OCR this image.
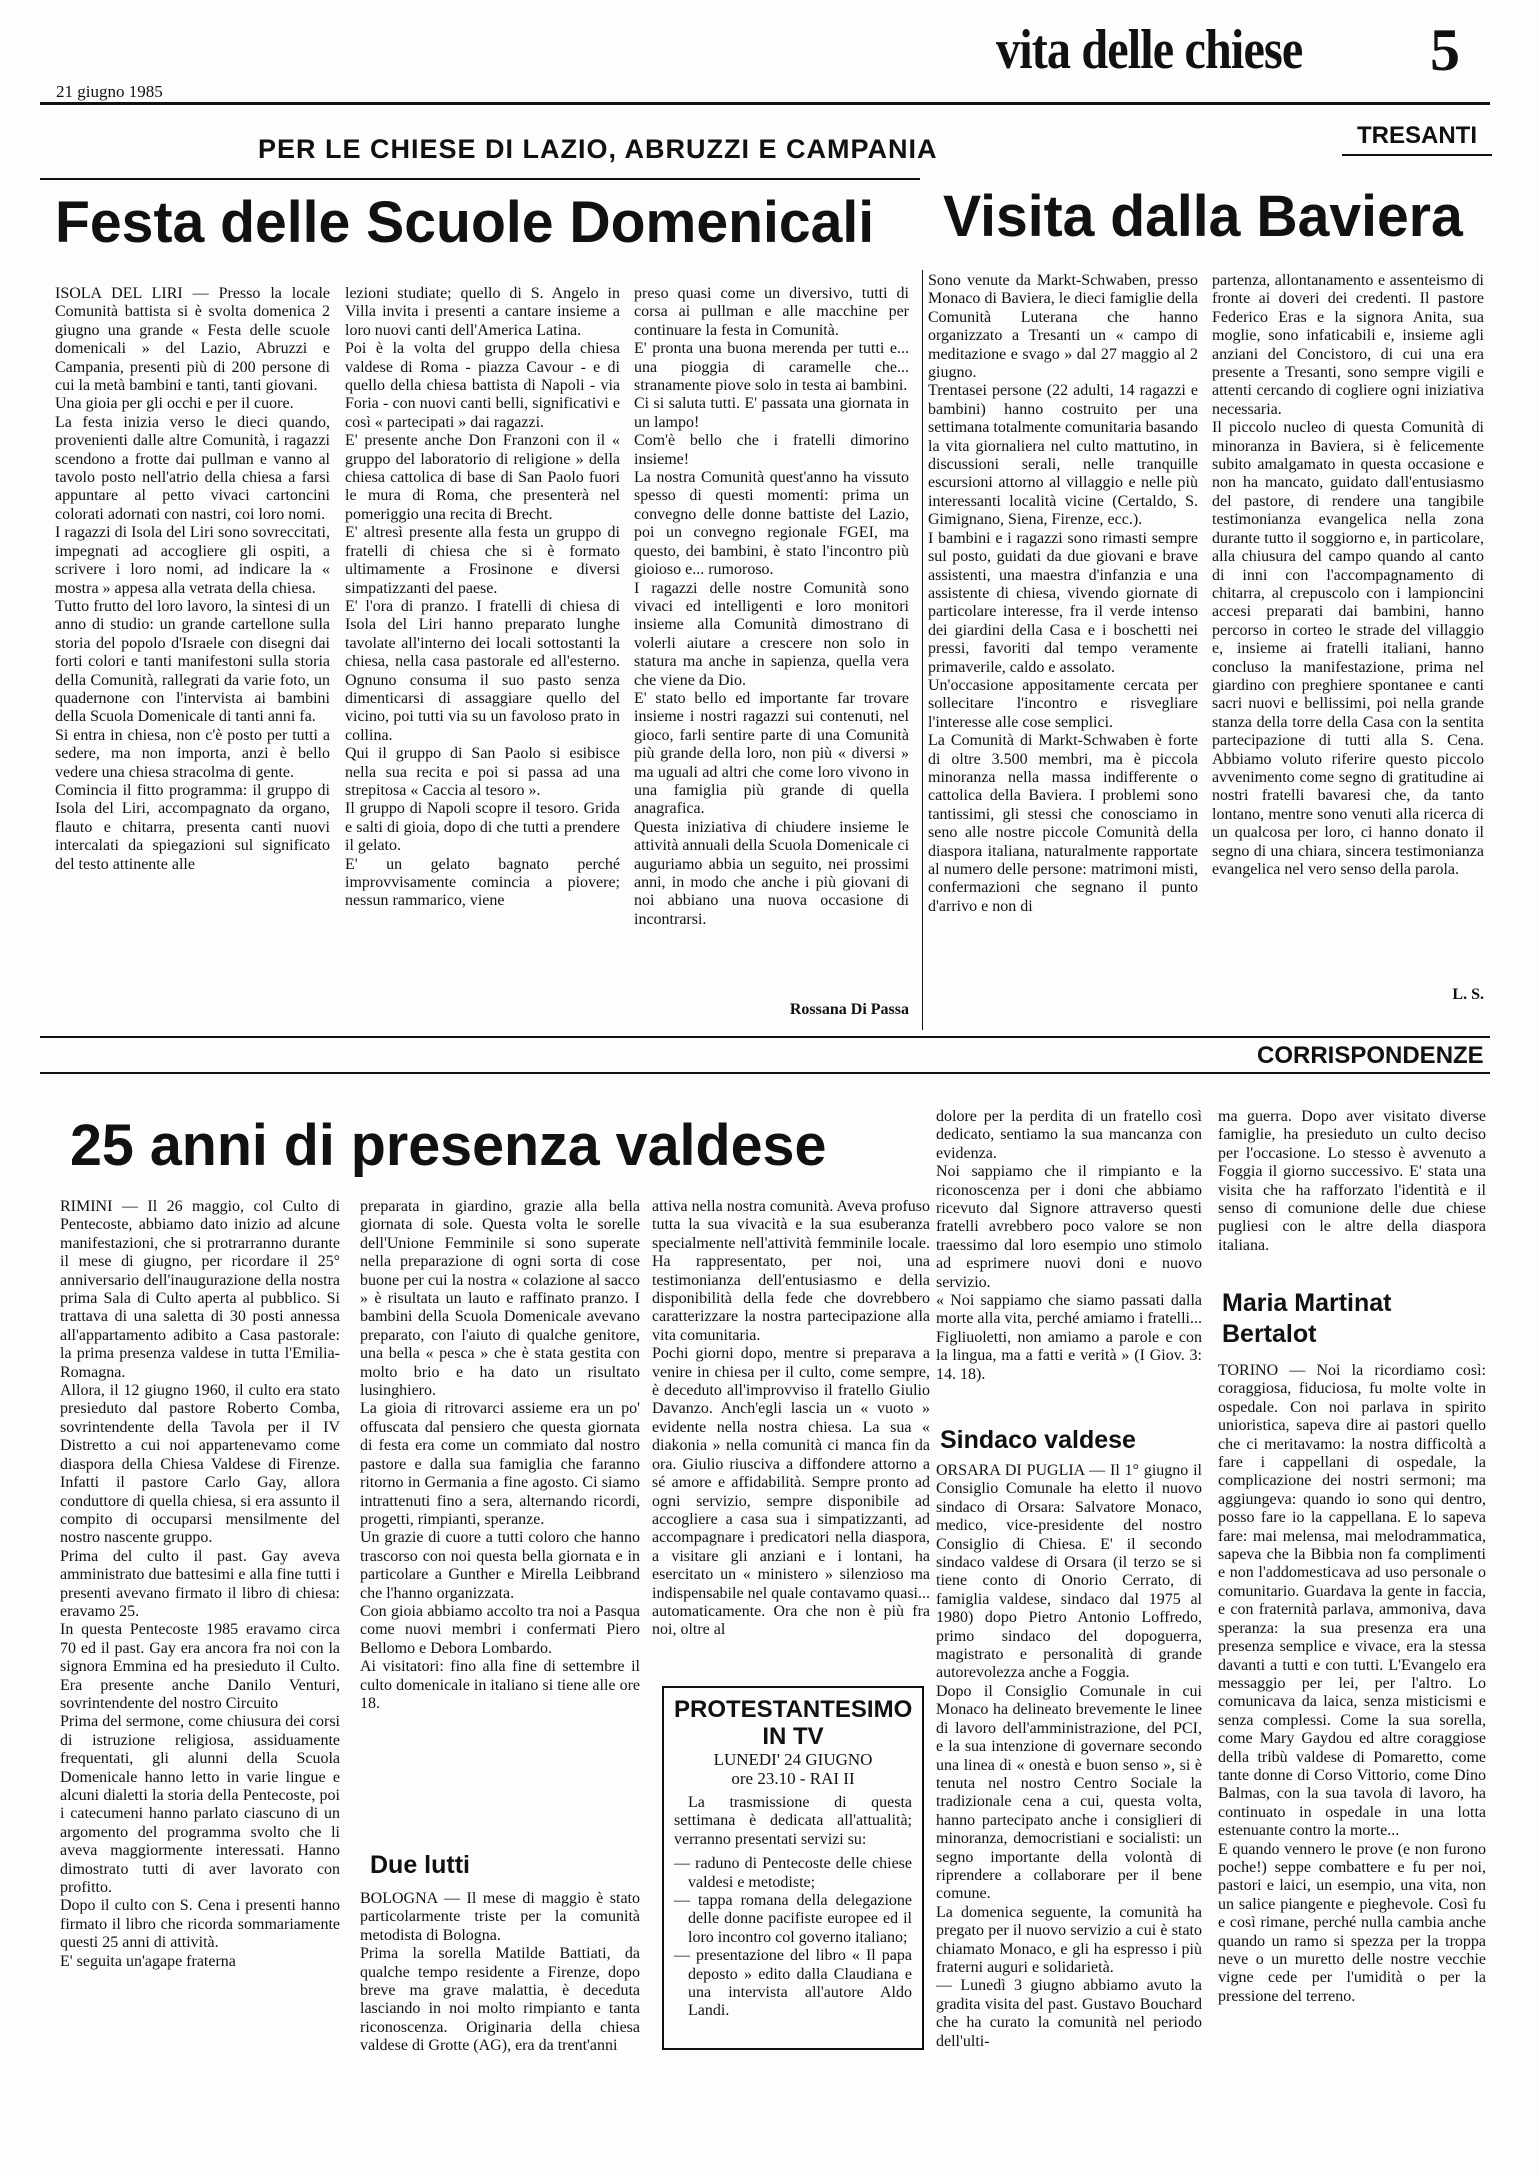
21 giugno 1985
vita delle chiese 5
PER LE CHIESE DI LAZIO, ABRUZZI E CAMPANIA	TRESANTI
Festa delle Scuole Domenicali Visita dalla Baviera
ISOLA DEL LIRI — Presso la locale Comunità battista si è svolta domenica 2 giugno una grande « Festa delle scuole domenicali » del Lazio, Abruzzi e Campania, presenti più di 200 persone di cui la metà bambini e tanti, tanti giovani.
Una gioia per gli occhi e per il cuore.
La festa inizia verso le dieci quando, provenienti dalle altre Comunità, i ragazzi scendono a frotte dai pullman e vanno al tavolo posto nell'atrio della chiesa a farsi appuntare al petto vivaci cartoncini colorati adornati con nastri, coi loro nomi.
I ragazzi di Isola del Liri sono sovreccitati, impegnati ad accogliere gli ospiti, a scrivere i loro nomi, ad indicare la « mostra » appesa alla vetrata della chiesa.
Tutto frutto del loro lavoro, la sintesi di un anno di studio: un grande cartellone sulla storia del popolo d'Israele con disegni dai forti colori e tanti manifestoni sulla storia della Comunità, rallegrati da varie foto, un quadernone con l'intervista ai bambini della Scuola Domenicale di tanti anni fa.
Si entra in chiesa, non c'è posto per tutti a sedere, ma non importa, anzi è bello vedere una chiesa stracolma di gente.
Comincia il fitto programma: il gruppo di Isola del Liri, accompagnato da organo, flauto e chitarra, presenta canti nuovi intercalati da spiegazioni sul significato del testo attinente alle
lezioni studiate; quello di S. Angelo in Villa invita i presenti a cantare insieme a loro nuovi canti dell'America Latina.
Poi è la volta del gruppo della chiesa valdese di Roma - piazza Cavour - e di quello della chiesa battista di Napoli - via Foria - con nuovi canti belli, significativi e così « partecipati » dai ragazzi.
E' presente anche Don Franzoni con il « gruppo del laboratorio di religione » della chiesa cattolica di base di San Paolo fuori le mura di Roma, che presenterà nel pomeriggio una recita di Brecht.
E' altresì presente alla festa un gruppo di fratelli di chiesa che si è formato ultimamente a Frosinone e diversi simpatizzanti del paese.
E' l'ora di pranzo. I fratelli di chiesa di Isola del Liri hanno preparato lunghe tavolate all'interno dei locali sottostanti la chiesa, nella casa pastorale ed all'esterno. Ognuno consuma il suo pasto senza dimenticarsi di assaggiare quello del vicino, poi tutti via su un favoloso prato in collina.
Qui il gruppo di San Paolo si esibisce nella sua recita e poi si passa ad una strepitosa « Caccia al tesoro ».
Il gruppo di Napoli scopre il tesoro. Grida e salti di gioia, dopo di che tutti a prendere il gelato.
E' un gelato bagnato perché improvvisamente comincia a piovere; nessun rammarico, viene
preso quasi come un diversivo, tutti di corsa ai pullman e alle macchine per continuare la festa in Comunità.
E' pronta una buona merenda per tutti e... una pioggia di caramelle che... stranamente piove solo in testa ai bambini.
Ci si saluta tutti. E' passata una giornata in un lampo!
Com'è bello che i fratelli dimorino insieme!
La nostra Comunità quest'anno ha vissuto spesso di questi momenti: prima un convegno delle donne battiste del Lazio, poi un convegno regionale FGEI, ma questo, dei bambini, è stato l'incontro più gioioso e... rumoroso.
I ragazzi delle nostre Comunità sono vivaci ed intelligenti e loro monitori insieme alla Comunità dimostrano di volerli aiutare a crescere non solo in statura ma anche in sapienza, quella vera che viene da Dio.
E' stato bello ed importante far trovare insieme i nostri ragazzi sui contenuti, nel gioco, farli sentire parte di una Comunità più grande della loro, non più « diversi » ma uguali ad altri che come loro vivono in una famiglia più grande di quella anagrafica.
Questa iniziativa di chiudere insieme le attività annuali della Scuola Domenicale ci auguriamo abbia un seguito, nei prossimi anni, in modo che anche i più giovani di noi abbiano una nuova occasione di incontrarsi.
Rossana Di Passa
Sono venute da Markt-Schwaben, presso Monaco di Baviera, le dieci famiglie della Comunità Luterana che hanno organizzato a Tresanti un « campo di meditazione e svago » dal 27 maggio al 2 giugno.
Trentasei persone (22 adulti, 14 ragazzi e bambini) hanno costruito per una settimana totalmente comunitaria basando la vita giornaliera nel culto mattutino, in discussioni serali, nelle tranquille escursioni attorno al villaggio e nelle più interessanti località vicine (Certaldo, S. Gimignano, Siena, Firenze, ecc.).
I bambini e i ragazzi sono rimasti sempre sul posto, guidati da due giovani e brave assistenti, una maestra d'infanzia e una assistente di chiesa, vivendo giornate di particolare interesse, fra il verde intenso dei giardini della Casa e i boschetti nei pressi, favoriti dal tempo veramente primaverile, caldo e assolato.
Un'occasione appositamente cercata per sollecitare l'incontro e risvegliare l'interesse alle cose semplici.
La Comunità di Markt-Schwaben è forte di oltre 3.500 membri, ma è piccola minoranza nella massa indifferente o cattolica della Baviera. I problemi sono tantissimi, gli stessi che conosciamo in seno alle nostre piccole Comunità della diaspora italiana, naturalmente rapportate al numero delle persone: matrimoni misti, confermazioni che segnano il punto d'arrivo e non di
partenza, allontanamento e assenteismo di fronte ai doveri dei credenti. Il pastore Federico Eras e la signora Anita, sua moglie, sono infaticabili e, insieme agli anziani del Concistoro, di cui una era presente a Tresanti, sono sempre vigili e attenti cercando di cogliere ogni iniziativa necessaria.
Il piccolo nucleo di questa Comunità di minoranza in Baviera, si è felicemente subito amalgamato in questa occasione e non ha mancato, guidato dall'entusiasmo del pastore, di rendere una tangibile testimonianza evangelica nella zona durante tutto il soggiorno e, in particolare, alla chiusura del campo quando al canto di inni con l'accompagnamento di chitarra, al crepuscolo con i lampioncini accesi preparati dai bambini, hanno percorso in corteo le strade del villaggio e, insieme ai fratelli italiani, hanno concluso la manifestazione, prima nel giardino con preghiere spontanee e canti sacri nuovi e bellissimi, poi nella grande stanza della torre della Casa con la sentita partecipazione di tutti alla S. Cena. Abbiamo voluto riferire questo piccolo avvenimento come segno di gratitudine ai nostri fratelli bavaresi che, da tanto lontano, mentre sono venuti alla ricerca di un qualcosa per loro, ci hanno donato il segno di una chiara, sincera testimonianza evangelica nel vero senso della parola.
L. S.
CORRISPONDENZE
25 anni di presenza valdese
RIMINI — Il 26 maggio, col Culto di Pentecoste, abbiamo dato inizio ad alcune manifestazioni, che si protrarranno durante il mese di giugno, per ricordare il 25° anniversario dell'inaugurazione della nostra prima Sala di Culto aperta al pubblico. Si trattava di una saletta di 30 posti annessa all'appartamento adibito a Casa pastorale: la prima presenza valdese in tutta l'Emilia-Romagna.
Allora, il 12 giugno 1960, il culto era stato presieduto dal pastore Roberto Comba, sovrintendente della Tavola per il IV Distretto a cui noi appartenevamo come diaspora della Chiesa Valdese di Firenze. Infatti il pastore Carlo Gay, allora conduttore di quella chiesa, si era assunto il compito di occuparsi mensilmente del nostro nascente gruppo.
Prima del culto il past. Gay aveva amministrato due battesimi e alla fine tutti i presenti avevano firmato il libro di chiesa: eravamo 25.
In questa Pentecoste 1985 eravamo circa 70 ed il past. Gay era ancora fra noi con la signora Emmina ed ha presieduto il Culto. Era presente anche Danilo Venturi, sovrintendente del nostro Circuito
Prima del sermone, come chiusura dei corsi di istruzione religiosa, assiduamente frequentati, gli alunni della Scuola Domenicale hanno letto in varie lingue e alcuni dialetti la storia della Pentecoste, poi i catecumeni hanno parlato ciascuno di un argomento del programma svolto che li aveva maggiormente interessati. Hanno dimostrato tutti di aver lavorato con profitto.
Dopo il culto con S. Cena i presenti hanno firmato il libro che ricorda sommariamente questi 25 anni di attività.
E' seguita un'agape fraterna
preparata in giardino, grazie alla bella giornata di sole. Questa volta le sorelle dell'Unione Femminile si sono superate nella preparazione di ogni sorta di cose buone per cui la nostra « colazione al sacco » è risultata un lauto e raffinato pranzo. I bambini della Scuola Domenicale avevano preparato, con l'aiuto di qualche genitore, una bella « pesca » che è stata gestita con molto brio e ha dato un risultato lusinghiero.
La gioia di ritrovarci assieme era un po' offuscata dal pensiero che questa giornata di festa era come un commiato dal nostro pastore e dalla sua famiglia che faranno ritorno in Germania a fine agosto. Ci siamo intrattenuti fino a sera, alternando ricordi, progetti, rimpianti, speranze.
Un grazie di cuore a tutti coloro che hanno trascorso con noi questa bella giornata e in particolare a Gunther e Mirella Leibbrand che l'hanno organizzata.
Con gioia abbiamo accolto tra noi a Pasqua come nuovi membri i confermati Piero Bellomo e Debora Lombardo.
Ai visitatori: fino alla fine di settembre il culto domenicale in italiano si tiene alle ore 18.
Due lutti
BOLOGNA — Il mese di maggio è stato particolarmente triste per la comunità metodista di Bologna.
Prima la sorella Matilde Battiati, da qualche tempo residente a Firenze, dopo breve ma grave malattia, è deceduta lasciando in noi molto rimpianto e tanta riconoscenza. Originaria della chiesa valdese di Grotte (AG), era da trent'anni
attiva nella nostra comunità. Aveva profuso tutta la sua vivacità e la sua esuberanza specialmente nell'attività femminile locale. Ha rappresentato, per noi, una testimonianza dell'entusiasmo e della disponibilità della fede che dovrebbero caratterizzare la nostra partecipazione alla vita comunitaria.
Pochi giorni dopo, mentre si preparava a venire in chiesa per il culto, come sempre, è deceduto all'improvviso il fratello Giulio Davanzo. Anch'egli lascia un « vuoto » evidente nella nostra chiesa. La sua « diakonia » nella comunità ci manca fin da ora. Giulio riusciva a diffondere attorno a sé amore e affidabilità. Sempre pronto ad ogni servizio, sempre disponibile ad accogliere a casa sua i simpatizzanti, ad accompagnare i predicatori nella diaspora, a visitare gli anziani e i lontani, ha esercitato un « ministero » silenzioso ma indispensabile nel quale contavamo quasi... automaticamente. Ora che non è più fra noi, oltre al
PROTESTANTESIMO IN TV
LUNEDI' 24 GIUGNO
ore 23.10 - RAI II
La trasmissione di questa settimana è dedicata all'attualità; verranno presentati servizi su:
— raduno di Pentecoste delle chiese valdesi e metodiste;
— tappa romana della delegazione delle donne pacifiste europee ed il loro incontro col governo italiano;
— presentazione del libro « Il papa deposto » edito dalla Claudiana e una intervista all'autore Aldo Landi.
dolore per la perdita di un fratello così dedicato, sentiamo la sua mancanza con evidenza.
Noi sappiamo che il rimpianto e la riconoscenza per i doni che abbiamo ricevuto dal Signore attraverso questi fratelli avrebbero poco valore se non traessimo dal loro esempio uno stimolo ad esprimere nuovi doni e nuovo servizio.
« Noi sappiamo che siamo passati dalla morte alla vita, perché amiamo i fratelli... Figliuoletti, non amiamo a parole e con la lingua, ma a fatti e verità » (I Giov. 3: 14. 18).
Sindaco valdese
ORSARA DI PUGLIA — Il 1° giugno il Consiglio Comunale ha eletto il nuovo sindaco di Orsara: Salvatore Monaco, medico, vice-presidente del nostro Consiglio di Chiesa. E' il secondo sindaco valdese di Orsara (il terzo se si tiene conto di Onorio Cerrato, di famiglia valdese, sindaco dal 1975 al 1980) dopo Pietro Antonio Loffredo, primo sindaco del dopoguerra, magistrato e personalità di grande autorevolezza anche a Foggia.
Dopo il Consiglio Comunale in cui Monaco ha delineato brevemente le linee di lavoro dell'amministrazione, del PCI, e la sua intenzione di governare secondo una linea di « onestà e buon senso », si è tenuta nel nostro Centro Sociale la tradizionale cena a cui, questa volta, hanno partecipato anche i consiglieri di minoranza, democristiani e socialisti: un segno importante della volontà di riprendere a collaborare per il bene comune.
La domenica seguente, la comunità ha pregato per il nuovo servizio a cui è stato chiamato Monaco, e gli ha espresso i più fraterni auguri e solidarietà.
— Lunedì 3 giugno abbiamo avuto la gradita visita del past. Gustavo Bouchard che ha curato la comunità nel periodo dell'ulti-
ma guerra. Dopo aver visitato diverse famiglie, ha presieduto un culto deciso per l'occasione. Lo stesso è avvenuto a Foggia il giorno successivo. E' stata una visita che ha rafforzato l'identità e il senso di comunione delle due chiese pugliesi con le altre della diaspora italiana.
Maria Martinat Bertalot
TORINO — Noi la ricordiamo così: coraggiosa, fiduciosa, fu molte volte in ospedale. Con noi parlava in spirito unioristica, sapeva dire ai pastori quello che ci meritavamo: la nostra difficoltà a fare i cappellani di ospedale, la complicazione dei nostri sermoni; ma aggiungeva: quando io sono qui dentro, posso fare io la cappellana. E lo sapeva fare: mai melensa, mai melodrammatica, sapeva che la Bibbia non fa complimenti e non l'addomesticava ad uso personale o comunitario. Guardava la gente in faccia, e con fraternità parlava, ammoniva, dava speranza: la sua presenza era una presenza semplice e vivace, era la stessa davanti a tutti e con tutti. L'Evangelo era messaggio per lei, per l'altro. Lo comunicava da laica, senza misticismi e senza complessi. Come la sua sorella, come Mary Gaydou ed altre coraggiose della tribù valdese di Pomaretto, come tante donne di Corso Vittorio, come Dino Balmas, con la sua tavola di lavoro, ha continuato in ospedale in una lotta estenuante contro la morte...
E quando vennero le prove (e non furono poche!) seppe combattere e fu per noi, pastori e laici, un esempio, una vita, non un salice piangente e pieghevole. Così fu e così rimane, perché nulla cambia anche quando un ramo si spezza per la troppa neve o un muretto delle nostre vecchie vigne cede per l'umidità o per la pressione del terreno.
